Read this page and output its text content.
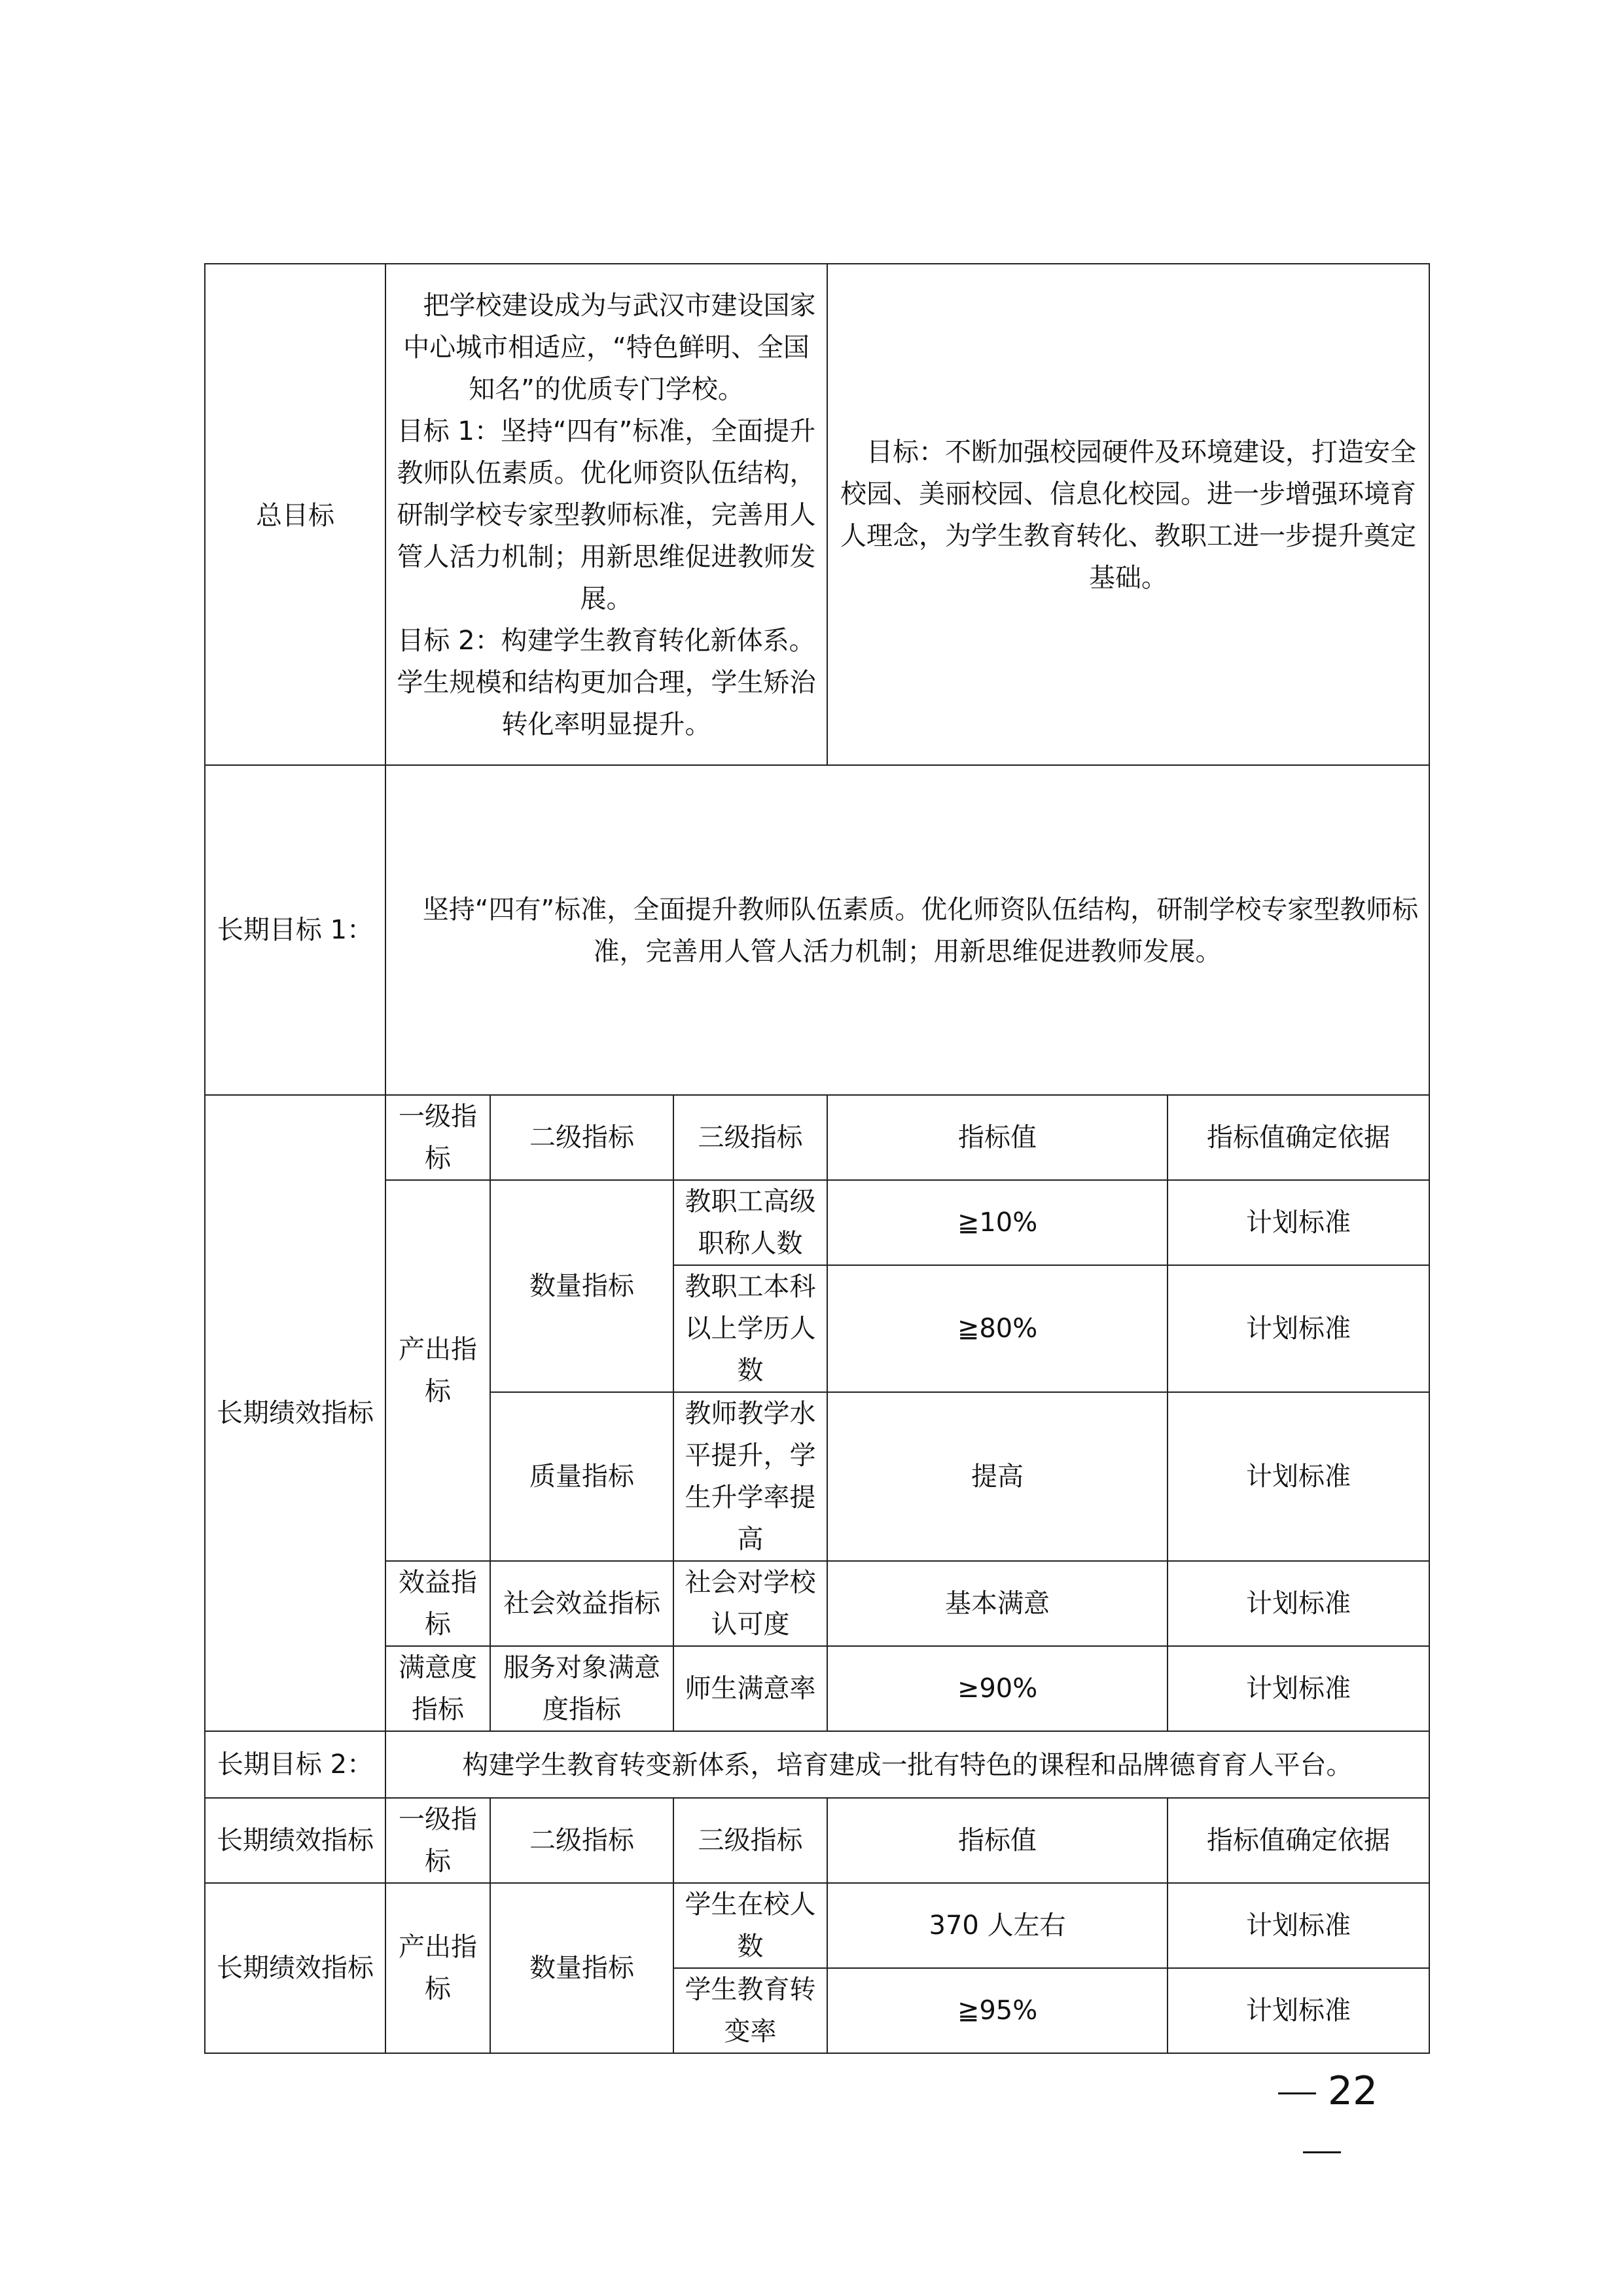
总目标	把学校建设成为与武汉市建设国家中心城市相适应，“特色鲜明、全国知名”的优质专门学校。
目标 1：坚持“四有”标准，全面提升教师队伍素质。优化师资队伍结构，研制学校专家型教师标准，完善用人管人活力机制；用新思维促进教师发展。
目标 2：构建学生教育转化新体系。学生规模和结构更加合理，学生矫治转化率明显提升。			目标：不断加强校园硬件及环境建设，打造安全校园、美丽校园、信息化校园。进一步增强环境育人理念，为学生教育转化、教职工进一步提升奠定基础。	
长期目标 1：	坚持“四有”标准，全面提升教师队伍素质。优化师资队伍结构，研制学校专家型教师标准，完善用人管人活力机制；用新思维促进教师发展。				
长期绩效指标	一级指标	二级指标	三级指标	指标值	指标值确定依据
	产出指标	数量指标	教职工高级职称人数	≧10%	计划标准
			教职工本科以上学历人数	≧80%	计划标准
		质量指标	教师教学水平提升，学生升学率提高	提高	计划标准
	效益指标	社会效益指标	社会对学校认可度	基本满意	计划标准
	满意度指标	服务对象满意度指标	师生满意率	≥90%	计划标准

长期目标 2：	构建学生教育转变新体系，培育建成一批有特色的课程和品牌德育育人平台。				
长期绩效指标	一级指标	二级指标	三级指标	指标值	指标值确定依据
长期绩效指标	产出指标	数量指标	学生在校人数	370 人左右	计划标准
			学生教育转变率	≧95%	计划标准
22
